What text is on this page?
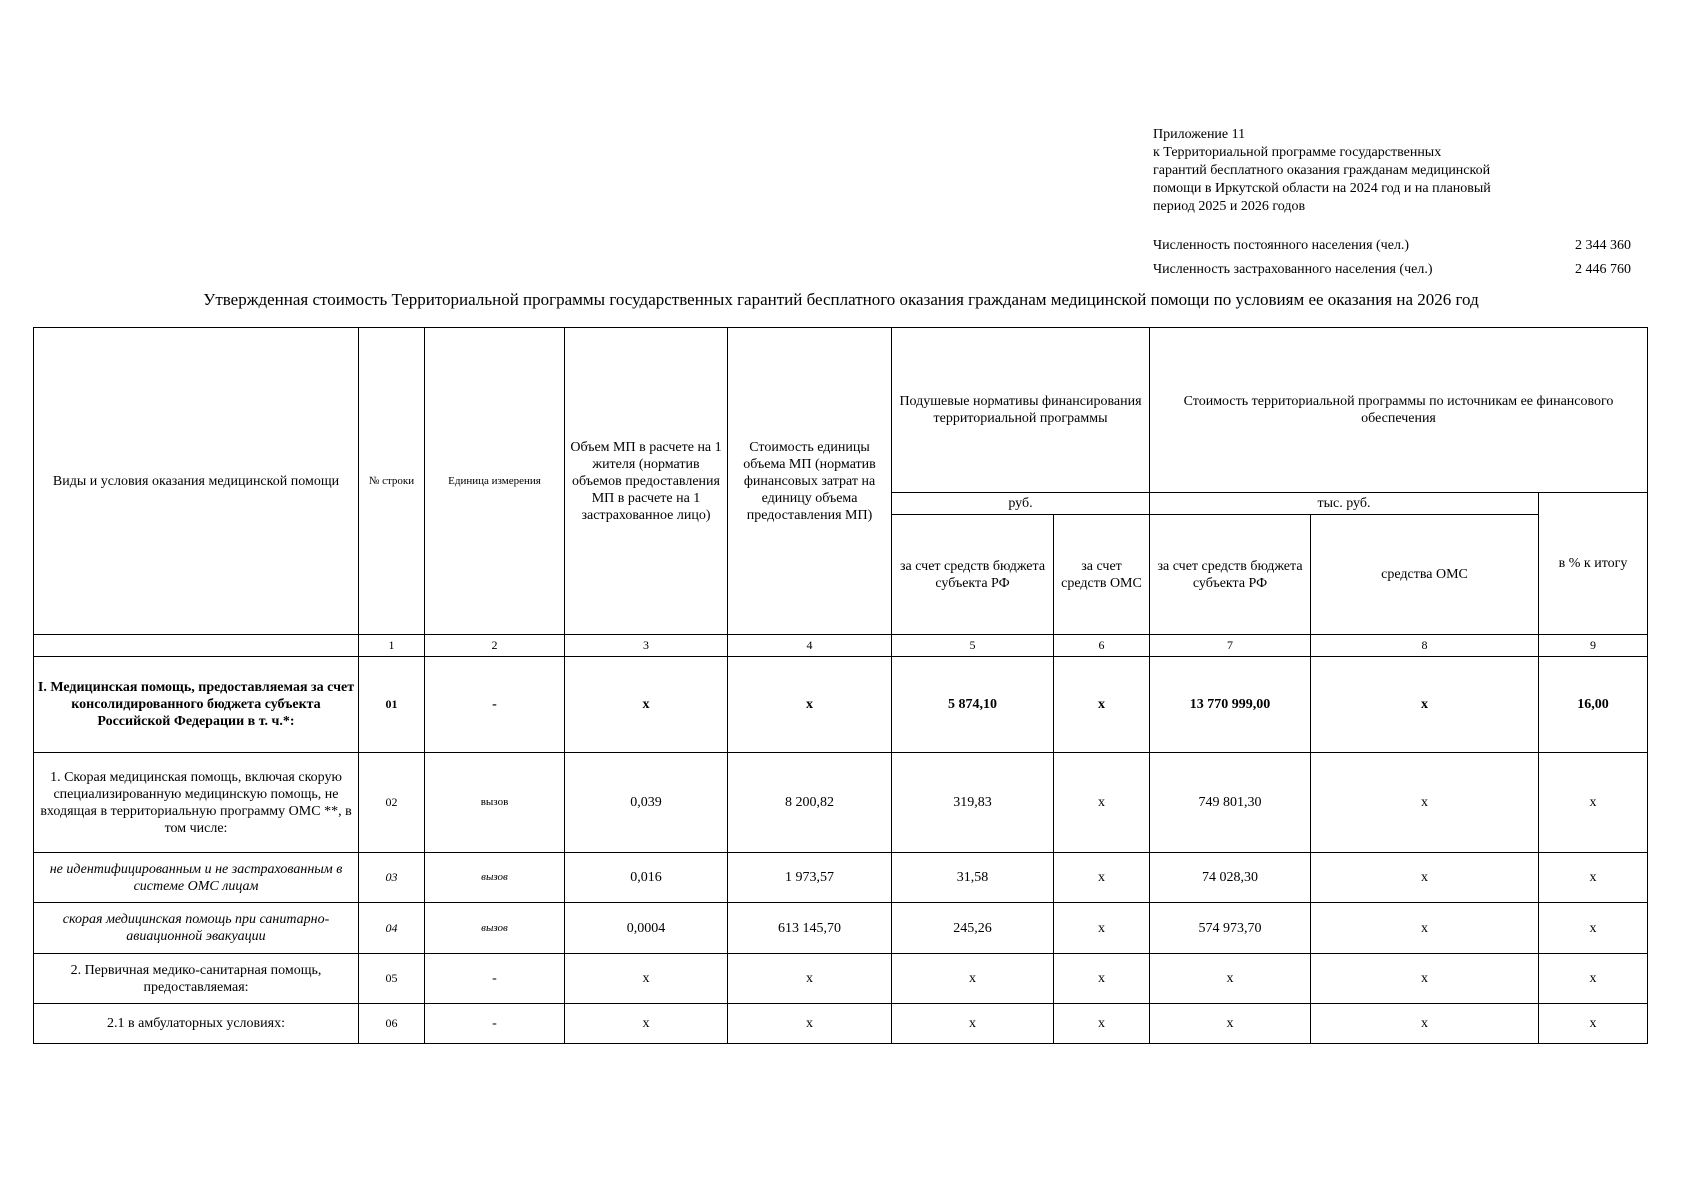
Приложение 11
к Территориальной программе государственных
гарантий бесплатного оказания гражданам медицинской
помощи в Иркутской области на 2024 год и на плановый
период 2025 и 2026 годов
Численность постоянного населения (чел.)	2 344 360
Численность застрахованного населения (чел.)	2 446 760
Утвержденная стоимость Территориальной программы государственных гарантий бесплатного оказания гражданам медицинской помощи по условиям ее оказания на 2026 год
Виды и условия оказания медицинской помощи	№ строки	Единица измерения	Объем МП в расчете на 1 жителя (норматив объемов предоставления МП в расчете на 1 застрахованное лицо)	Стоимость единицы объема МП (норматив финансовых затрат на единицу объема предоставления МП)	Подушевые нормативы финансирования территориальной программы		Стоимость территориальной программы по источникам ее финансового обеспечения		
					руб.		тыс. руб.		в % к итогу
					за счет средств бюджета субъекта РФ	за счет средств ОМС	за счет средств бюджета субъекта РФ	средства ОМС	
	1	2	3	4	5	6	7	8	9
I. Медицинская помощь, предоставляемая за счет консолидированного бюджета субъекта Российской Федерации в т. ч.*:	01	-	х	х	5 874,10	х	13 770 999,00	х	16,00
1. Скорая медицинская помощь, включая скорую специализированную медицинскую помощь, не входящая в территориальную программу ОМС **, в том числе:	02	вызов	0,039	8 200,82	319,83	х	749 801,30	х	х
не идентифицированным и не застрахованным в системе ОМС лицам	03	вызов	0,016	1 973,57	31,58	х	74 028,30	х	х
скорая медицинская помощь при санитарно-авиационной эвакуации	04	вызов	0,0004	613 145,70	245,26	х	574 973,70	х	х
2. Первичная медико-санитарная помощь, предоставляемая:	05	-	х	х	х	х	х	х	х
2.1 в амбулаторных условиях:	06	-	х	х	х	х	х	х	х
